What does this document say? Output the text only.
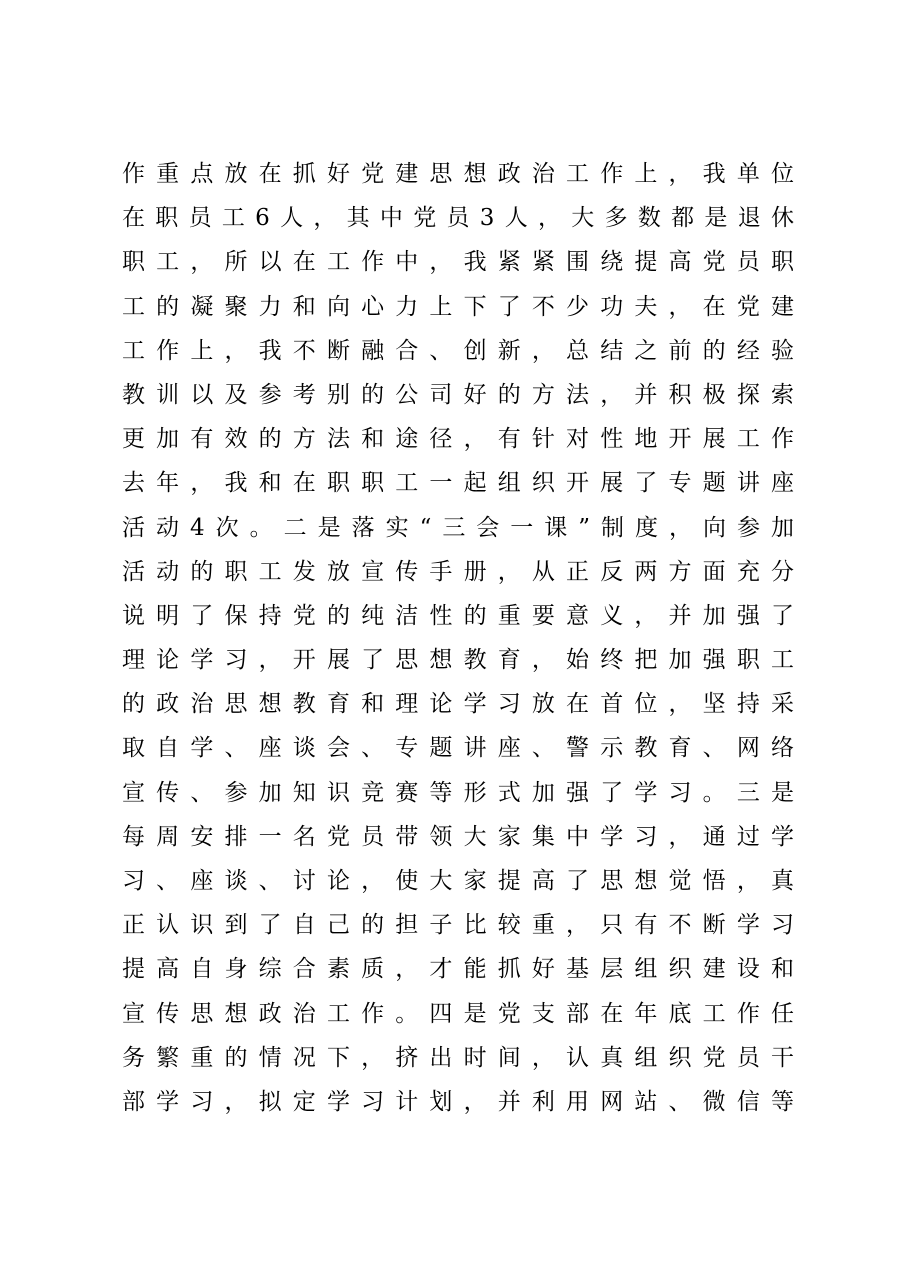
作重点放在抓好党建思想政治工作上，我单位
在职员工6人，其中党员3人，大多数都是退休
职工，所以在工作中，我紧紧围绕提高党员职
工的凝聚力和向心力上下了不少功夫，在党建
工作上，我不断融合、创新，总结之前的经验
教训以及参考别的公司好的方法，并积极探索
更加有效的方法和途径，有针对性地开展工作
去年，我和在职职工一起组织开展了专题讲座
活动4次。二是落实“三会一课”制度，向参加
活动的职工发放宣传手册，从正反两方面充分
说明了保持党的纯洁性的重要意义，并加强了
理论学习，开展了思想教育，始终把加强职工
的政治思想教育和理论学习放在首位，坚持采
取自学、座谈会、专题讲座、警示教育、网络
宣传、参加知识竞赛等形式加强了学习。三是
每周安排一名党员带领大家集中学习，通过学
习、座谈、讨论，使大家提高了思想觉悟，真
正认识到了自己的担子比较重，只有不断学习
提高自身综合素质，才能抓好基层组织建设和
宣传思想政治工作。四是党支部在年底工作任
务繁重的情况下，挤出时间，认真组织党员干
部学习，拟定学习计划，并利用网站、微信等
